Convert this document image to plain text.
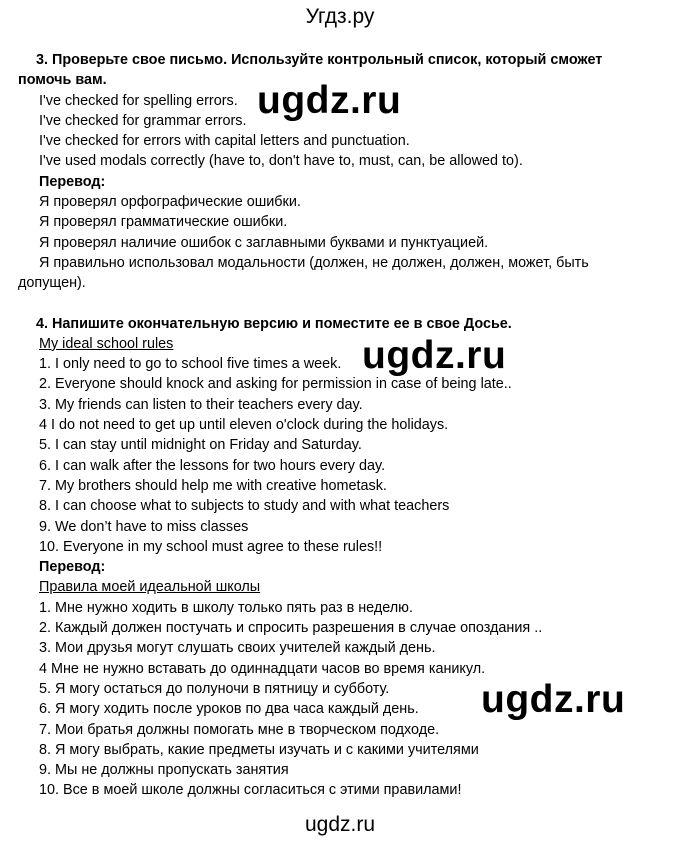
Угдз.ру
3. Проверьте свое письмо. Используйте контрольный список, который сможет
помочь вам.
I've checked for spelling errors.
I've checked for grammar errors.
I've checked for errors with capital letters and punctuation.
I've used modals correctly (have to, don't have to, must, can, be allowed to).
Перевод:
Я проверял орфографические ошибки.
Я проверял грамматические ошибки.
Я проверял наличие ошибок с заглавными буквами и пунктуацией.
Я правильно использовал модальности (должен, не должен, должен, может, быть
допущен).
4. Напишите окончательную версию и поместите ее в свое Досье.
My ideal school rules
1. I only need to go to school five times a week.
2. Everyone should knock and asking for permission in case of being late..
3. My friends can listen to their teachers every day.
4 I do not need to get up until eleven o'clock during the holidays.
5. I can stay until midnight on Friday and Saturday.
6. I can walk after the lessons for two hours every day.
7. My brothers should help me with creative hometask.
8. I can choose what to subjects to study and with what teachers
9. We don’t have to miss classes
10. Everyone in my school must agree to these rules!!
Перевод:
Правила моей идеальной школы
1. Мне нужно ходить в школу только пять раз в неделю.
2. Каждый должен постучать и спросить разрешения в случае опоздания ..
3. Мои друзья могут слушать своих учителей каждый день.
4 Мне не нужно вставать до одиннадцати часов во время каникул.
5. Я могу остаться до полуночи в пятницу и субботу.
6. Я могу ходить после уроков по два часа каждый день.
7. Мои братья должны помогать мне в творческом подходе.
8. Я могу выбрать, какие предметы изучать и с какими учителями
9. Мы не должны пропускать занятия
10. Все в моей школе должны согласиться с этими правилами!
ugdz.ru
ugdz.ru
ugdz.ru
ugdz.ru
